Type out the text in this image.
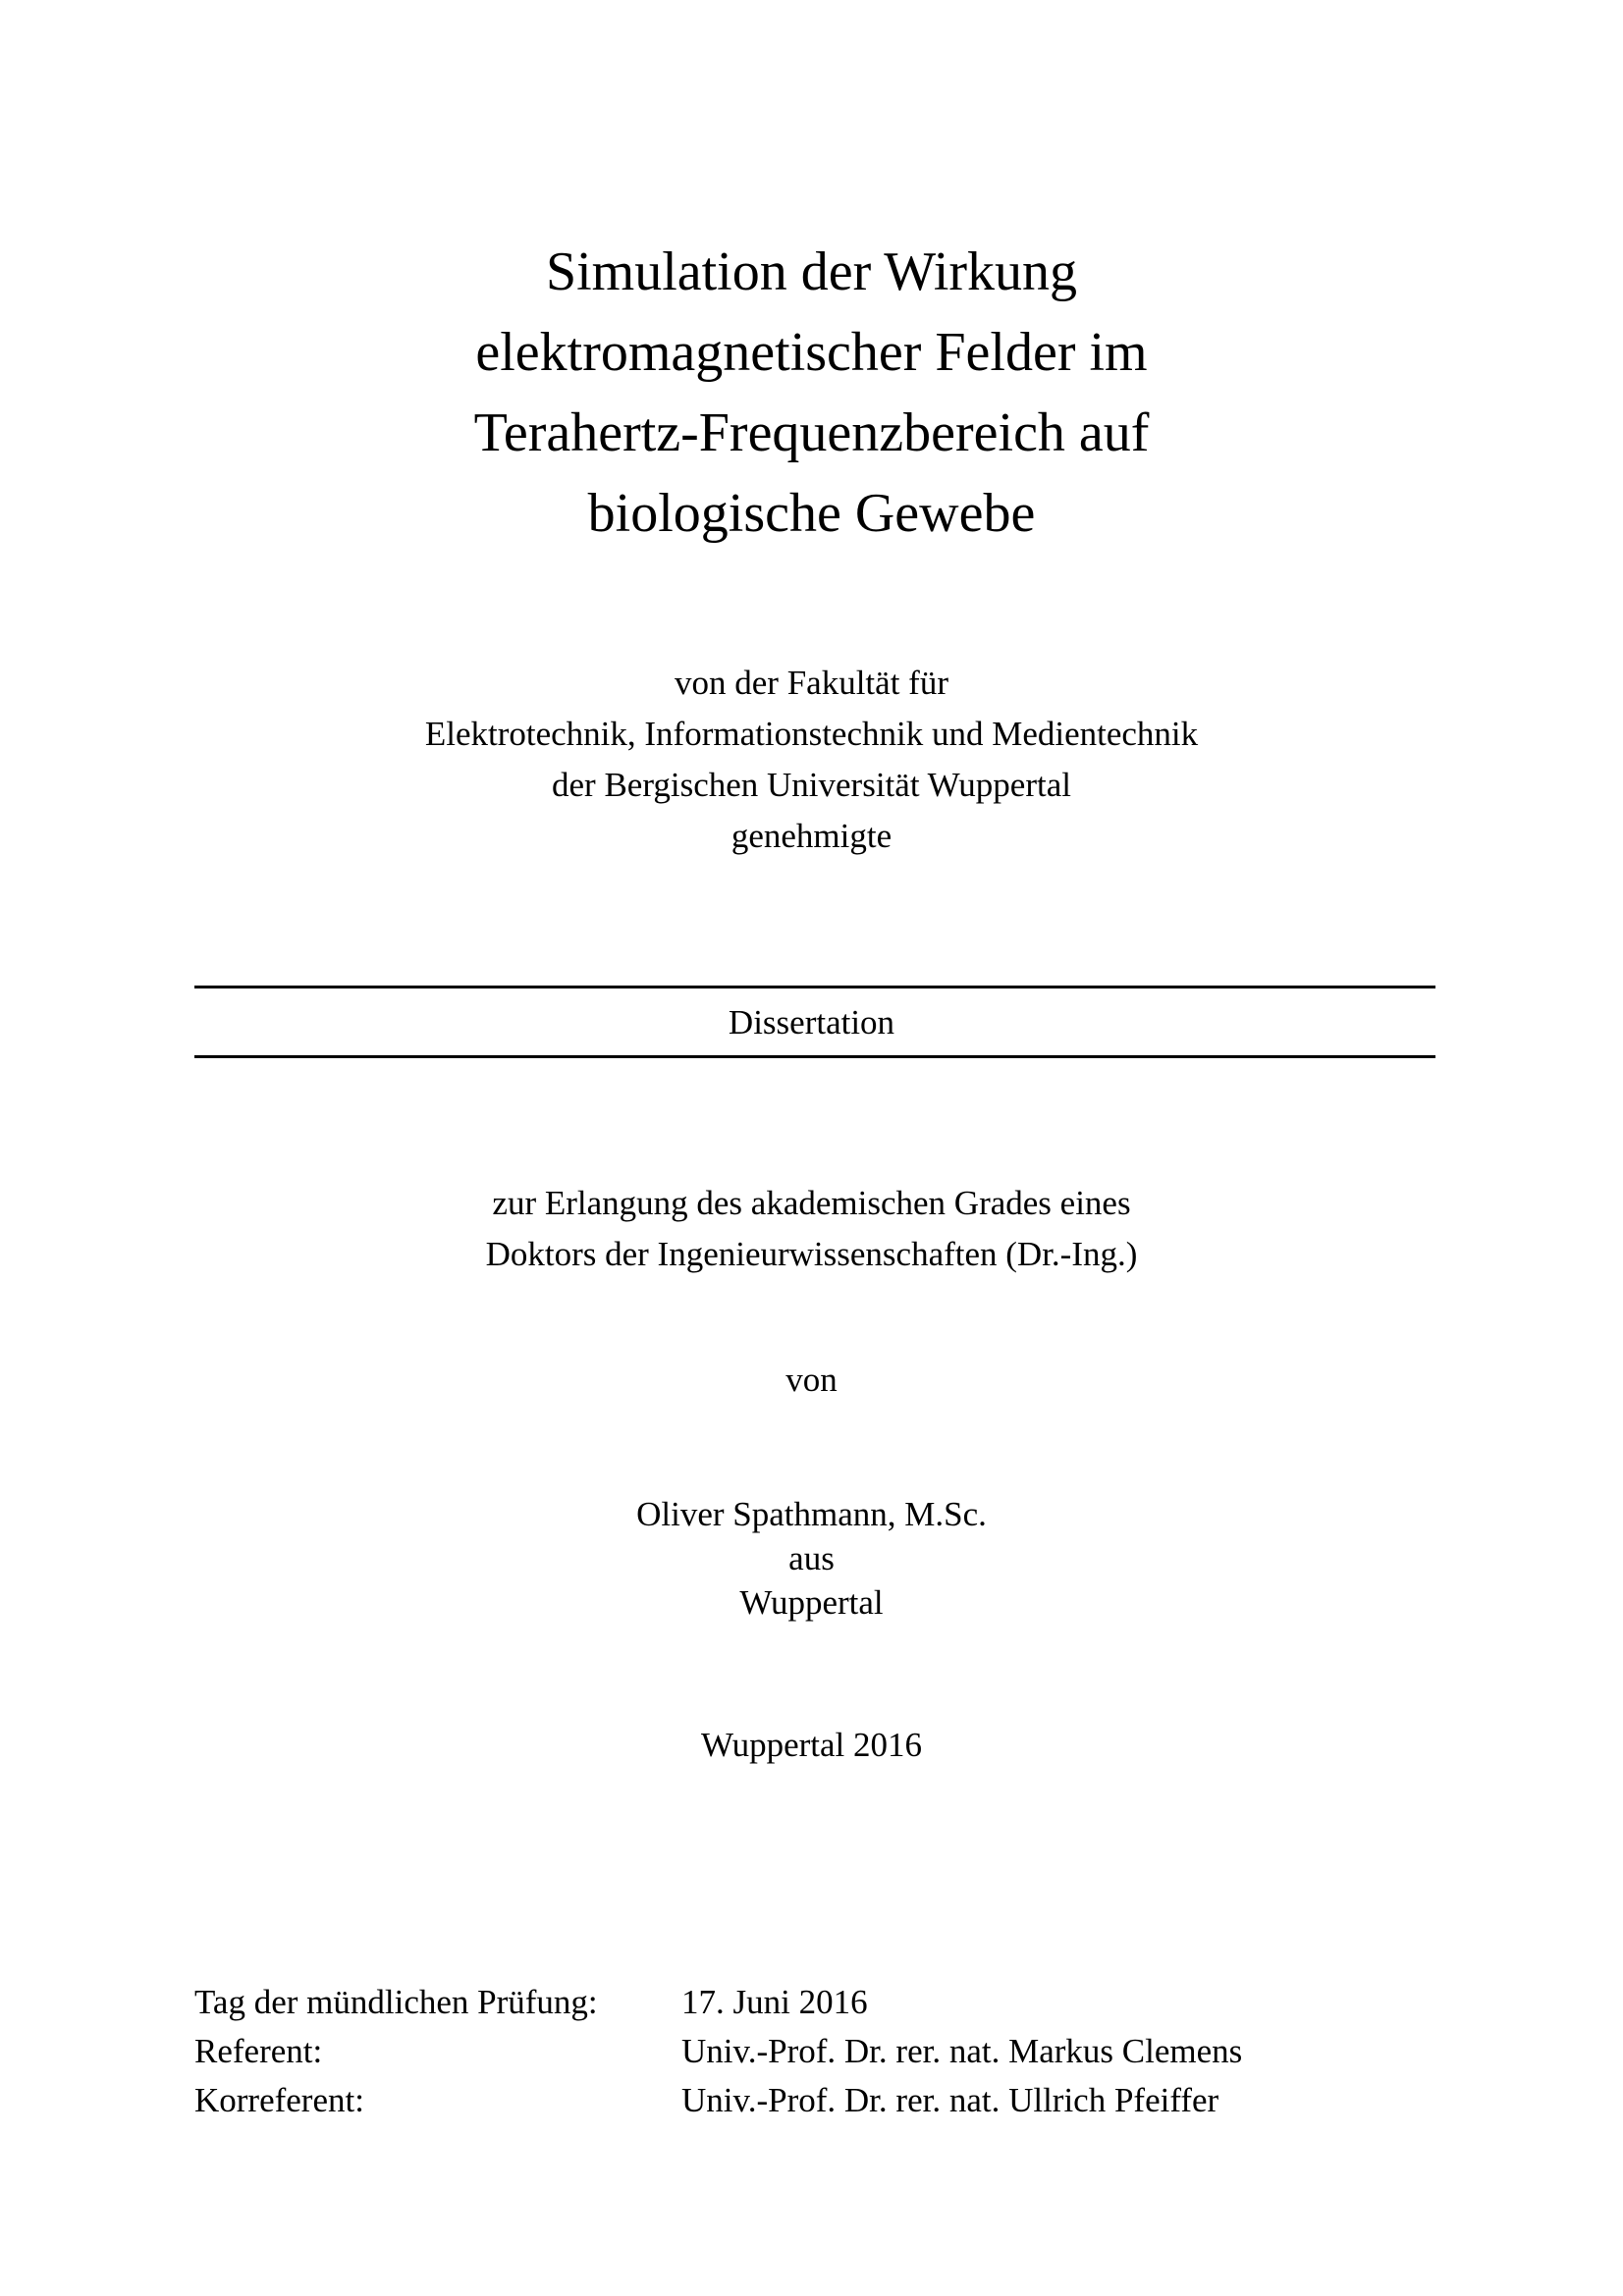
Simulation der Wirkung
elektromagnetischer Felder im
Terahertz-Frequenzbereich auf
biologische Gewebe
von der Fakultät für
Elektrotechnik, Informationstechnik und Medientechnik
der Bergischen Universität Wuppertal
genehmigte
Dissertation
zur Erlangung des akademischen Grades eines
Doktors der Ingenieurwissenschaften (Dr.-Ing.)
von
Oliver Spathmann, M.Sc.
aus
Wuppertal
Wuppertal 2016
Tag der mündlichen Prüfung: 17. Juni 2016
Referent:	Univ.-Prof. Dr. rer. nat. Markus Clemens
Korreferent:	Univ.-Prof. Dr. rer. nat. Ullrich Pfeiffer
